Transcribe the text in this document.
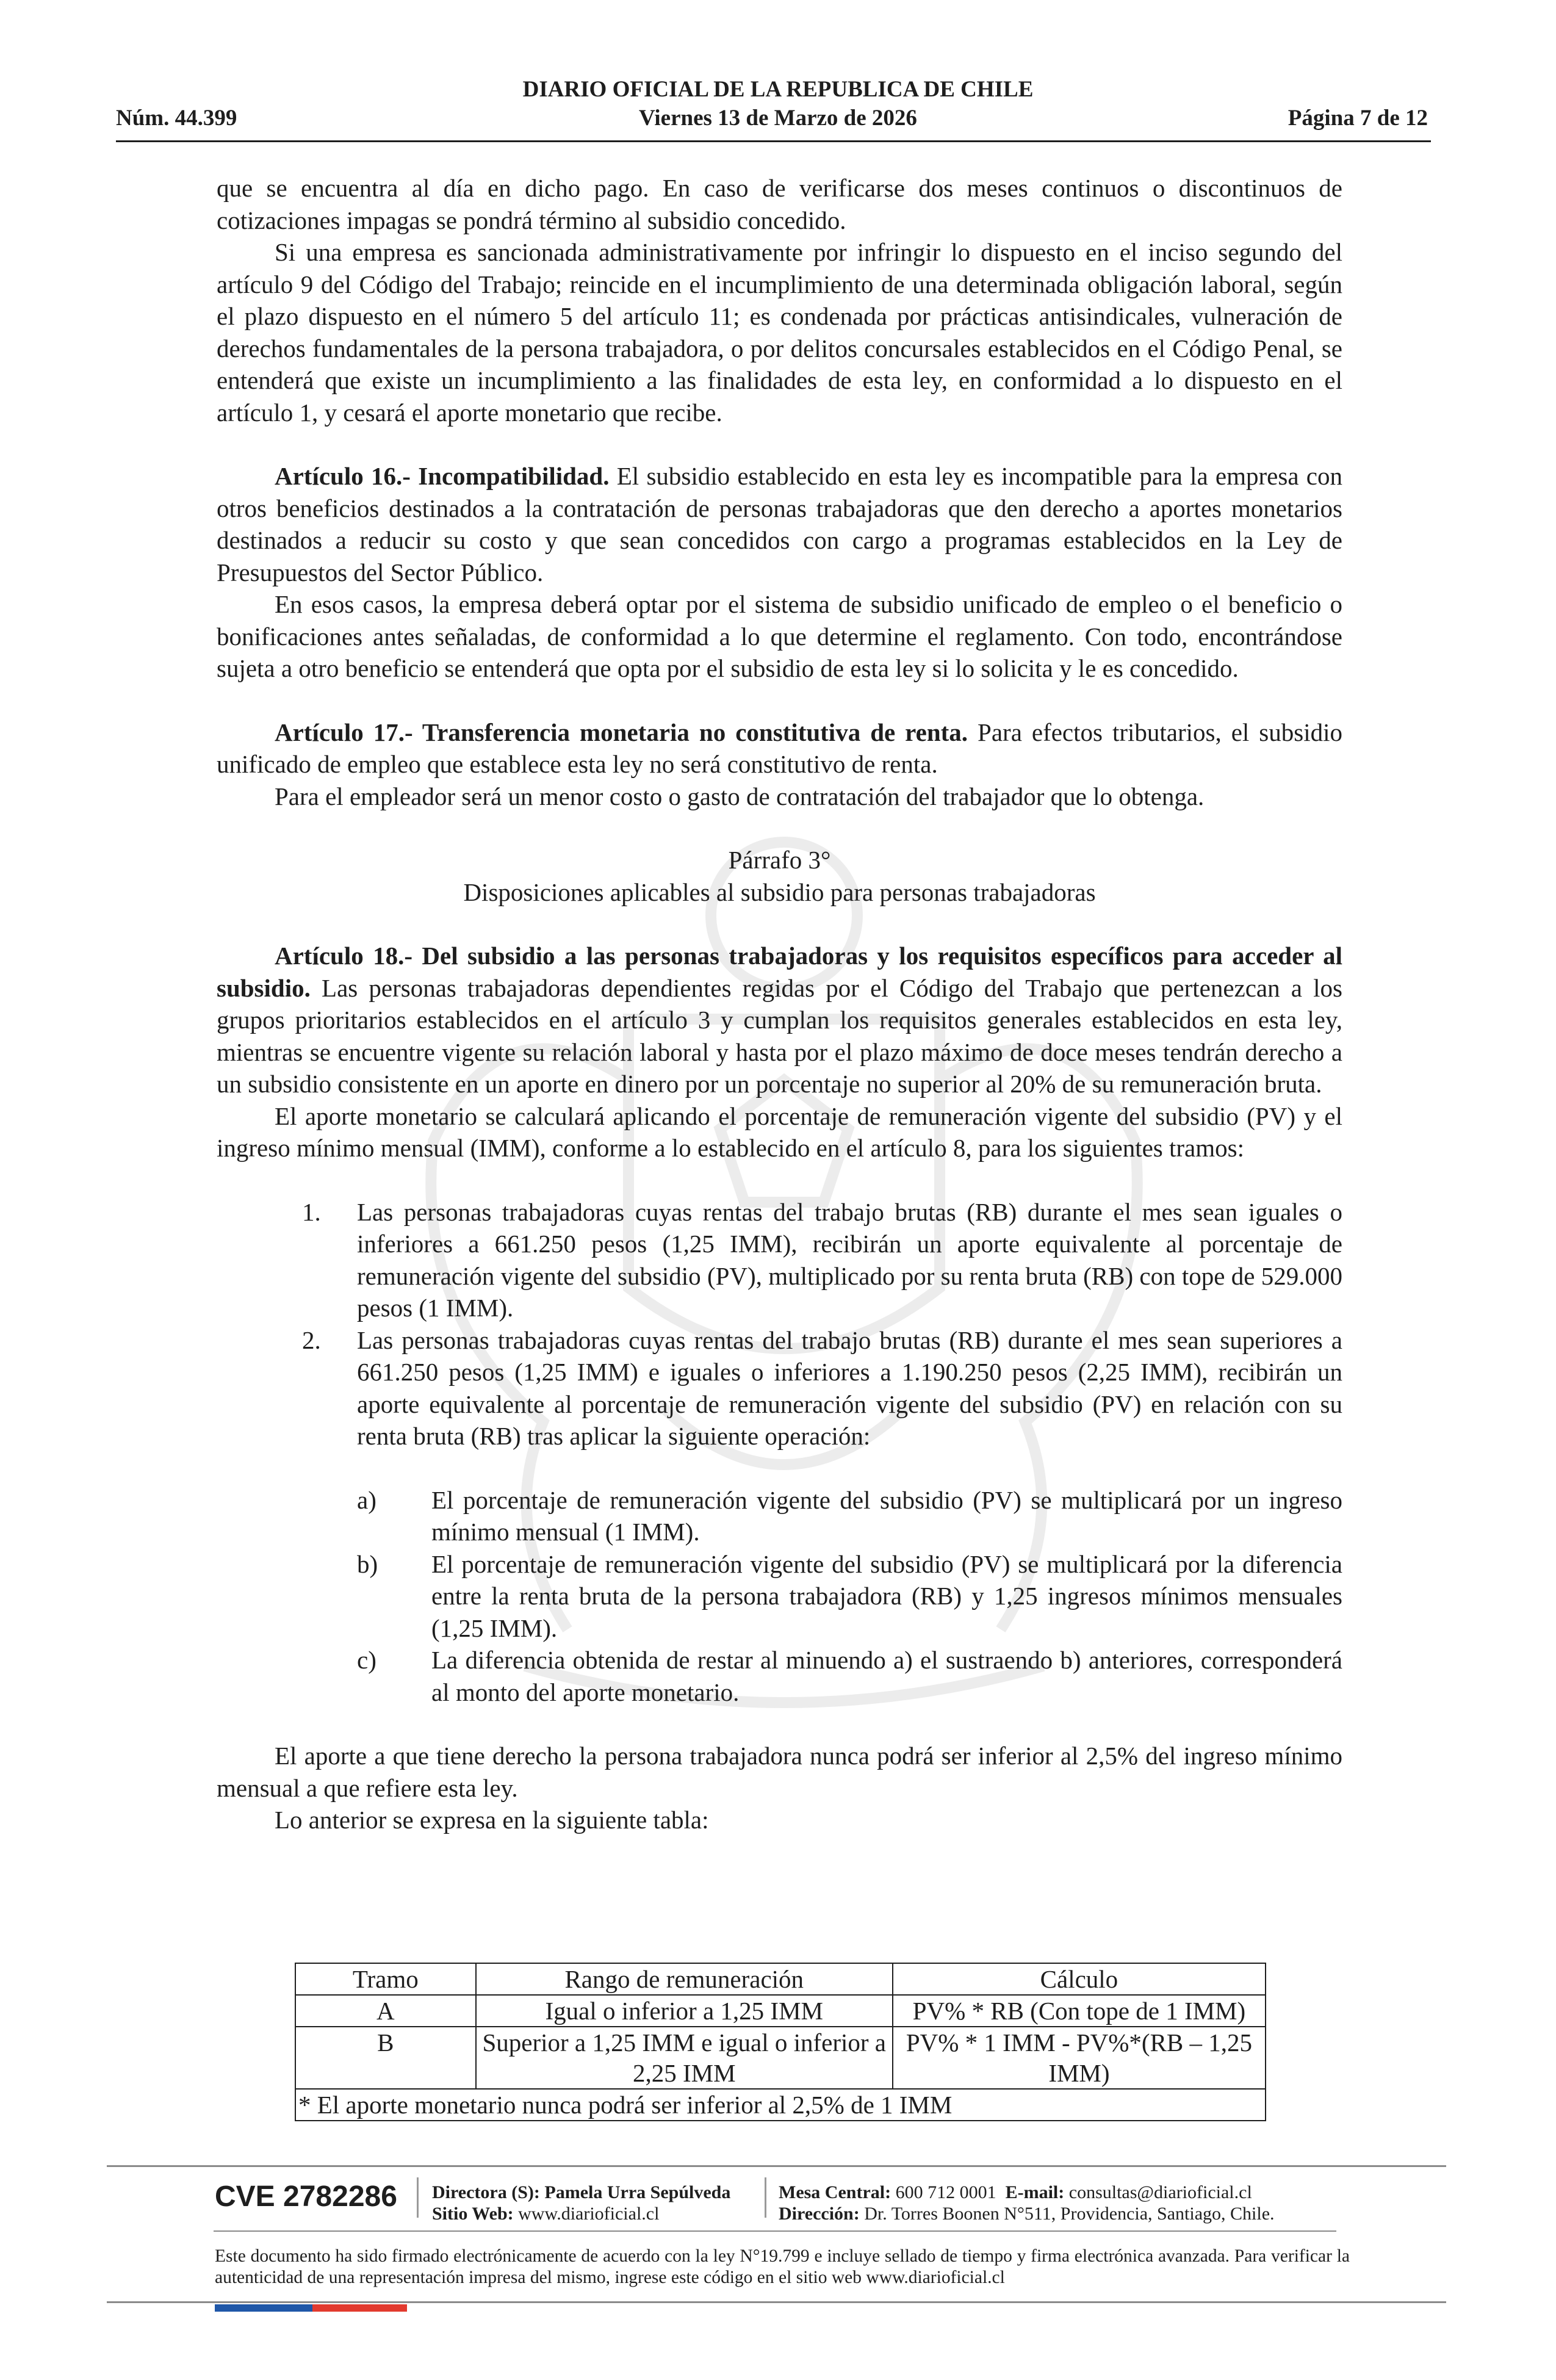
DIARIO OFICIAL DE LA REPUBLICA DE CHILE
Viernes 13 de Marzo de 2026
Núm. 44.399	Página 7 de 12

que se encuentra al día en dicho pago. En caso de verificarse dos meses continuos o discontinuos de cotizaciones impagas se pondrá término al subsidio concedido.

Si una empresa es sancionada administrativamente por infringir lo dispuesto en el inciso segundo del artículo 9 del Código del Trabajo; reincide en el incumplimiento de una determinada obligación laboral, según el plazo dispuesto en el número 5 del artículo 11; es condenada por prácticas antisindicales, vulneración de derechos fundamentales de la persona trabajadora, o por delitos concursales establecidos en el Código Penal, se entenderá que existe un incumplimiento a las finalidades de esta ley, en conformidad a lo dispuesto en el artículo 1, y cesará el aporte monetario que recibe.

Artículo 16.- Incompatibilidad. El subsidio establecido en esta ley es incompatible para la empresa con otros beneficios destinados a la contratación de personas trabajadoras que den derecho a aportes monetarios destinados a reducir su costo y que sean concedidos con cargo a programas establecidos en la Ley de Presupuestos del Sector Público.

En esos casos, la empresa deberá optar por el sistema de subsidio unificado de empleo o el beneficio o bonificaciones antes señaladas, de conformidad a lo que determine el reglamento. Con todo, encontrándose sujeta a otro beneficio se entenderá que opta por el subsidio de esta ley si lo solicita y le es concedido.

Artículo 17.- Transferencia monetaria no constitutiva de renta. Para efectos tributarios, el subsidio unificado de empleo que establece esta ley no será constitutivo de renta.

Para el empleador será un menor costo o gasto de contratación del trabajador que lo obtenga.

Párrafo 3°

Disposiciones aplicables al subsidio para personas trabajadoras

Artículo 18.- Del subsidio a las personas trabajadoras y los requisitos específicos para acceder al subsidio. Las personas trabajadoras dependientes regidas por el Código del Trabajo que pertenezcan a los grupos prioritarios establecidos en el artículo 3 y cumplan los requisitos generales establecidos en esta ley, mientras se encuentre vigente su relación laboral y hasta por el plazo máximo de doce meses tendrán derecho a un subsidio consistente en un aporte en dinero por un porcentaje no superior al 20% de su remuneración bruta.

El aporte monetario se calculará aplicando el porcentaje de remuneración vigente del subsidio (PV) y el ingreso mínimo mensual (IMM), conforme a lo establecido en el artículo 8, para los siguientes tramos:

1. Las personas trabajadoras cuyas rentas del trabajo brutas (RB) durante el mes sean iguales o inferiores a 661.250 pesos (1,25 IMM), recibirán un aporte equivalente al porcentaje de remuneración vigente del subsidio (PV), multiplicado por su renta bruta (RB) con tope de 529.000 pesos (1 IMM).

2. Las personas trabajadoras cuyas rentas del trabajo brutas (RB) durante el mes sean superiores a 661.250 pesos (1,25 IMM) e iguales o inferiores a 1.190.250 pesos (2,25 IMM), recibirán un aporte equivalente al porcentaje de remuneración vigente del subsidio (PV) en relación con su renta bruta (RB) tras aplicar la siguiente operación:

a) El porcentaje de remuneración vigente del subsidio (PV) se multiplicará por un ingreso mínimo mensual (1 IMM).

b) El porcentaje de remuneración vigente del subsidio (PV) se multiplicará por la diferencia entre la renta bruta de la persona trabajadora (RB) y 1,25 ingresos mínimos mensuales (1,25 IMM).

c) La diferencia obtenida de restar al minuendo a) el sustraendo b) anteriores, corresponderá al monto del aporte monetario.

El aporte a que tiene derecho la persona trabajadora nunca podrá ser inferior al 2,5% del ingreso mínimo mensual a que refiere esta ley.

Lo anterior se expresa en la siguiente tabla:

Tramo	Rango de remuneración	Cálculo
A	Igual o inferior a 1,25 IMM	PV% * RB (Con tope de 1 IMM)
B	Superior a 1,25 IMM e igual o inferior a 2,25 IMM	PV% * 1 IMM - PV%*(RB – 1,25 IMM)
* El aporte monetario nunca podrá ser inferior al 2,5% de 1 IMM		
CVE 2782286 Directora (S): Pamela Urra Sepúlveda
Sitio Web: www.diarioficial.cl
Mesa Central: 600 712 0001 E-mail: consultas@diarioficial.cl
Dirección: Dr. Torres Boonen N°511, Providencia, Santiago, Chile.
Este documento ha sido firmado electrónicamente de acuerdo con la ley N°19.799 e incluye sellado de tiempo y firma electrónica avanzada. Para verificar la autenticidad de una representación impresa del mismo, ingrese este código en el sitio web www.diarioficial.cl
